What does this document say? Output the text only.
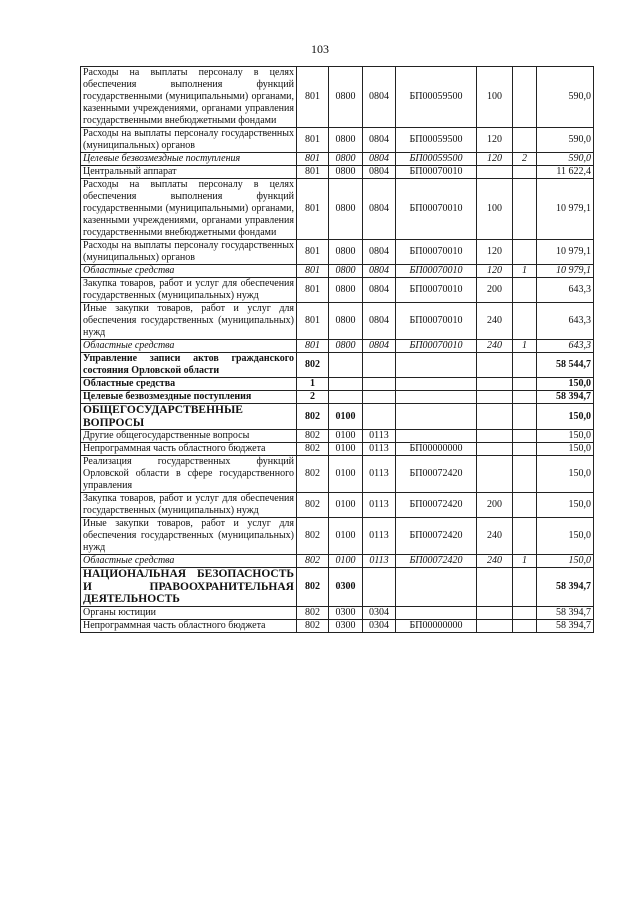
103
Расходы на выплаты персоналу в целях обеспечения выполнения функций государственными (муниципальными) органами, казенными учреждениями, органами управления государственными внебюджетными фондами	801	0800	0804	БП00059500	100		590,0
Расходы на выплаты персоналу государственных (муниципальных) органов	801	0800	0804	БП00059500	120		590,0
Целевые безвозмездные поступления	801	0800	0804	БП00059500	120	2	590,0
Центральный аппарат	801	0800	0804	БП00070010			11 622,4
Расходы на выплаты персоналу в целях обеспечения выполнения функций государственными (муниципальными) органами, казенными учреждениями, органами управления государственными внебюджетными фондами	801	0800	0804	БП00070010	100		10 979,1
Расходы на выплаты персоналу государственных (муниципальных) органов	801	0800	0804	БП00070010	120		10 979,1
Областные средства	801	0800	0804	БП00070010	120	1	10 979,1
Закупка товаров, работ и услуг для обеспечения государственных (муниципальных) нужд	801	0800	0804	БП00070010	200		643,3
Иные закупки товаров, работ и услуг для обеспечения государственных (муниципальных) нужд	801	0800	0804	БП00070010	240		643,3
Областные средства	801	0800	0804	БП00070010	240	1	643,3
Управление записи актов гражданского состояния Орловской области	802						58 544,7
Областные средства	1						150,0
Целевые безвозмездные поступления	2						58 394,7
ОБЩЕГОСУДАРСТВЕННЫЕ ВОПРОСЫ	802	0100					150,0
Другие общегосударственные вопросы	802	0100	0113				150,0
Непрограммная часть областного бюджета	802	0100	0113	БП00000000			150,0
Реализация государственных функций Орловской области в сфере государственного управления	802	0100	0113	БП00072420			150,0
Закупка товаров, работ и услуг для обеспечения государственных (муниципальных) нужд	802	0100	0113	БП00072420	200		150,0
Иные закупки товаров, работ и услуг для обеспечения государственных (муниципальных) нужд	802	0100	0113	БП00072420	240		150,0
Областные средства	802	0100	0113	БП00072420	240	1	150,0
НАЦИОНАЛЬНАЯ БЕЗОПАСНОСТЬ И ПРАВООХРАНИТЕЛЬНАЯ ДЕЯТЕЛЬНОСТЬ	802	0300					58 394,7
Органы юстиции	802	0300	0304				58 394,7
Непрограммная часть областного бюджета	802	0300	0304	БП00000000			58 394,7
